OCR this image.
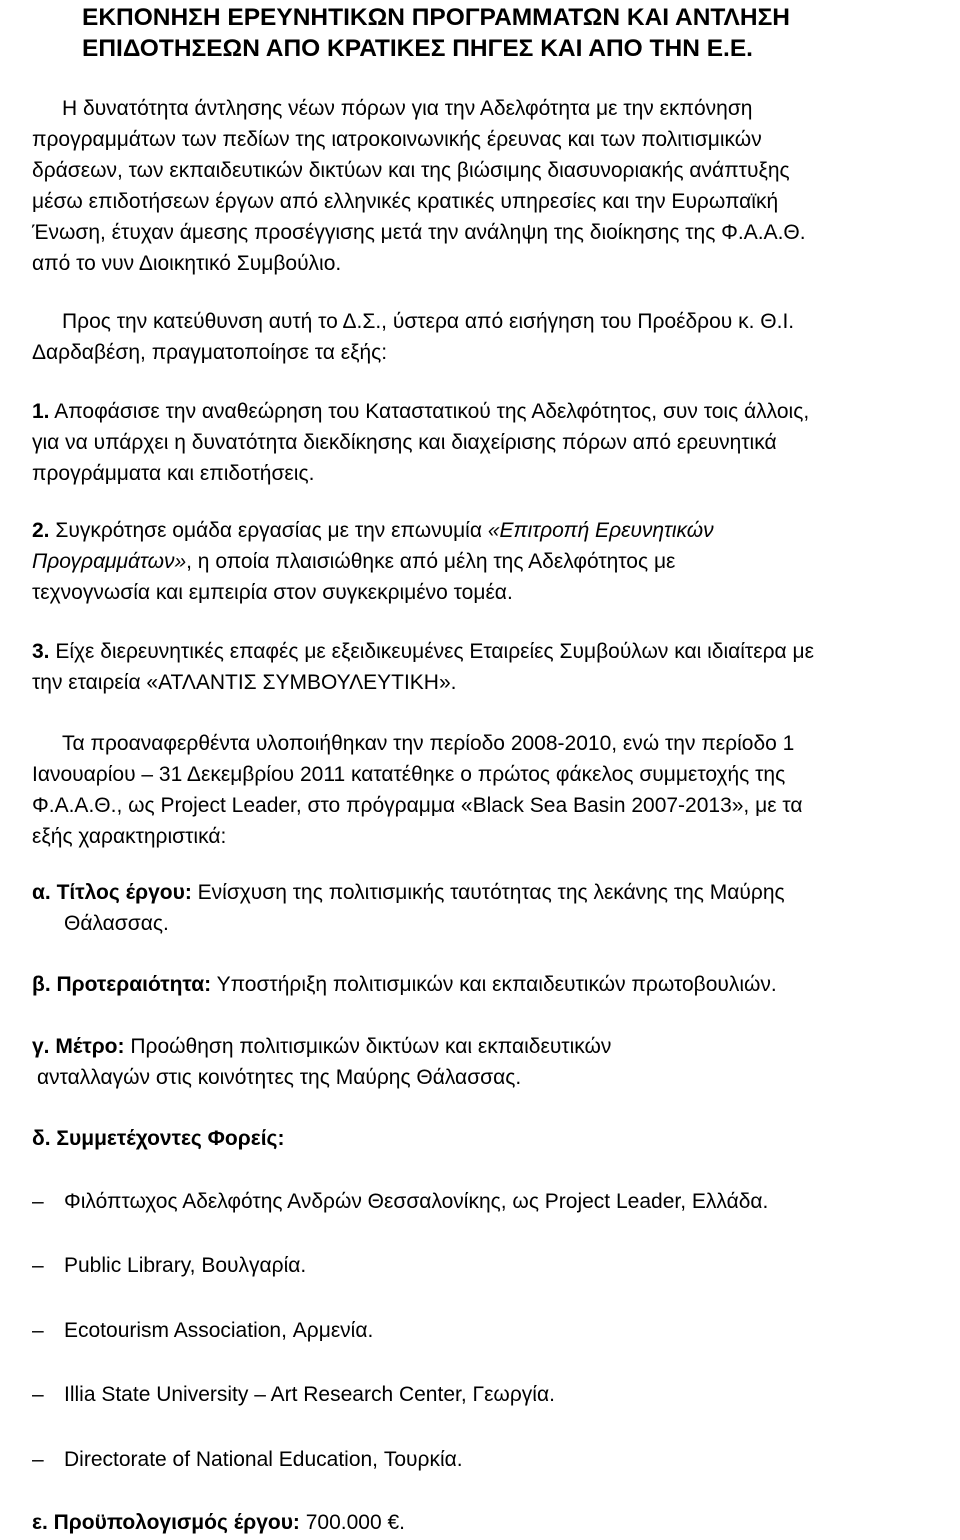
ΕΚΠΟΝΗΣΗ ΕΡΕΥΝΗΤΙΚΩΝ ΠΡΟΓΡΑΜΜΑΤΩΝ ΚΑΙ ΑΝΤΛΗΣΗ ΕΠΙΔΟΤΗΣΕΩΝ ΑΠΟ ΚΡΑΤΙΚΕΣ ΠΗΓΕΣ ΚΑΙ ΑΠΟ ΤΗΝ Ε.Ε.

Η δυνατότητα άντλησης νέων πόρων για την Αδελφότητα με την εκπόνηση
προγραμμάτων των πεδίων της ιατροκοινωνικής έρευνας και των πολιτισμικών
δράσεων, των εκπαιδευτικών δικτύων και της βιώσιμης διασυνοριακής ανάπτυξης
μέσω επιδοτήσεων έργων από ελληνικές κρατικές υπηρεσίες και την Ευρωπαϊκή
Ένωση, έτυχαν άμεσης προσέγγισης μετά την ανάληψη της διοίκησης της Φ.Α.Α.Θ.
από το νυν Διοικητικό Συμβούλιο.

Προς την κατεύθυνση αυτή το Δ.Σ., ύστερα από εισήγηση του Προέδρου κ. Θ.Ι.
Δαρδαβέση, πραγματοποίησε τα εξής:

1. Αποφάσισε την αναθεώρηση του Καταστατικού της Αδελφότητος, συν τοις άλλοις,
για να υπάρχει η δυνατότητα διεκδίκησης και διαχείρισης πόρων από ερευνητικά
προγράμματα και επιδοτήσεις.

2. Συγκρότησε ομάδα εργασίας με την επωνυμία «Επιτροπή Ερευνητικών
Προγραμμάτων», η οποία πλαισιώθηκε από μέλη της Αδελφότητος με
τεχνογνωσία και εμπειρία στον συγκεκριμένο τομέα.

3. Είχε διερευνητικές επαφές με εξειδικευμένες Εταιρείες Συμβούλων και ιδιαίτερα με
την εταιρεία «ΑΤΛΑΝΤΙΣ ΣΥΜΒΟΥΛΕΥΤΙΚΗ».

Τα προαναφερθέντα υλοποιήθηκαν την περίοδο 2008-2010, ενώ την περίοδο 1
Ιανουαρίου – 31 Δεκεμβρίου 2011 κατατέθηκε ο πρώτος φάκελος συμμετοχής της
Φ.Α.Α.Θ., ως Project Leader, στο πρόγραμμα «Black Sea Basin 2007-2013», με τα
εξής χαρακτηριστικά:

α. Τίτλος έργου: Ενίσχυση της πολιτισμικής ταυτότητας της λεκάνης της Μαύρης
Θάλασσας.

β. Προτεραιότητα: Υποστήριξη πολιτισμικών και εκπαιδευτικών πρωτοβουλιών.

γ. Μέτρο: Προώθηση πολιτισμικών δικτύων και εκπαιδευτικών
ανταλλαγών στις κοινότητες της Μαύρης Θάλασσας.

δ. Συμμετέχοντες Φορείς:

– Φιλόπτωχος Αδελφότης Ανδρών Θεσσαλονίκης, ως Project Leader, Ελλάδα.

– Public Library, Βουλγαρία.

– Ecotourism Association, Αρμενία.

– Illia State University – Art Research Center, Γεωργία.

– Directorate of National Education, Τουρκία.

ε. Προϋπολογισμός έργου: 700.000 €.
